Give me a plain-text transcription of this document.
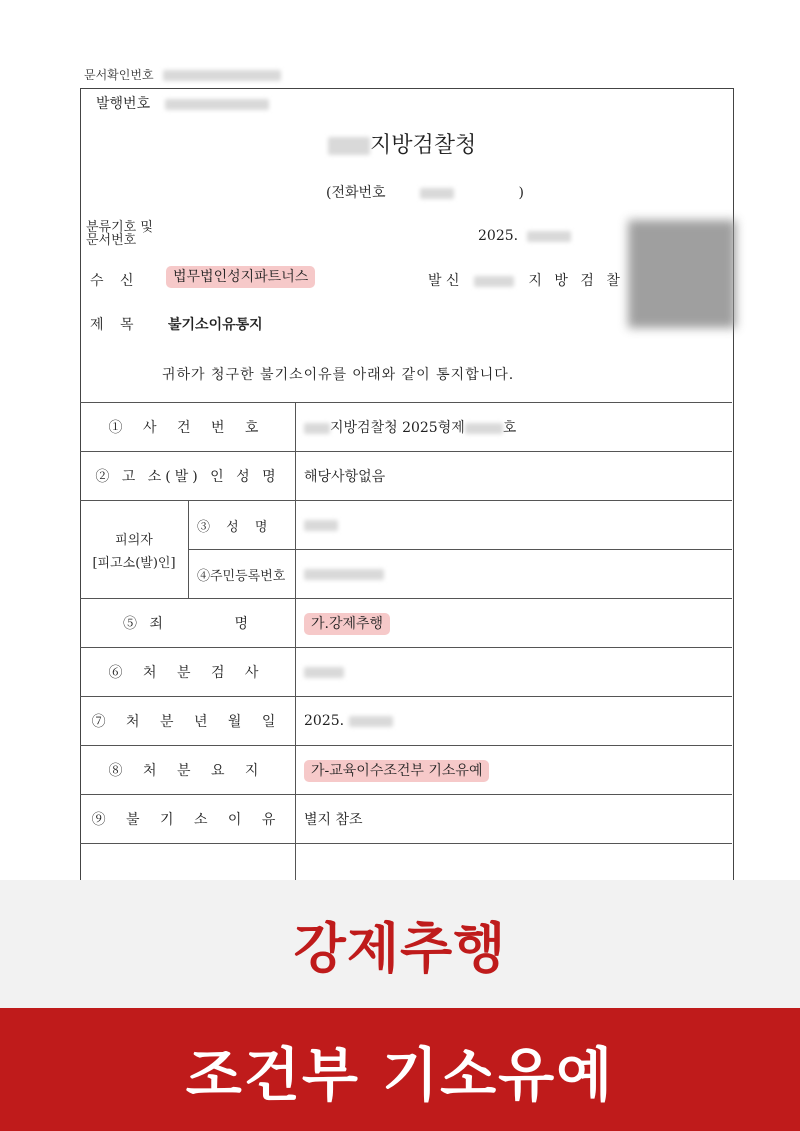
문서확인번호
발행번호
지방검찰청
(전화번호	)
분류기호 및
문서번호	2025.
수 신	법무법인성지파트너스	발 신	지 방 검 찰
제 목 불기소이유통지
귀하가 청구한 불기소이유를 아래와 같이 통지합니다.
① 사 건 번 호		지방검찰청 2025형제 호
② 고 소(발) 인 성 명		해당사항없음

피의자
[피고소(발)인]	③ 성 명	
	④주민등록번호	
⑤ 죄        명		가.강제추행
⑥ 처 분 검 사		
⑦ 처 분 년 월 일		2025.
⑧ 처 분 요 지		가-교육이수조건부 기소유예
⑨ 불 기 소 이 유		별지 참조

강제추행
조건부 기소유예
